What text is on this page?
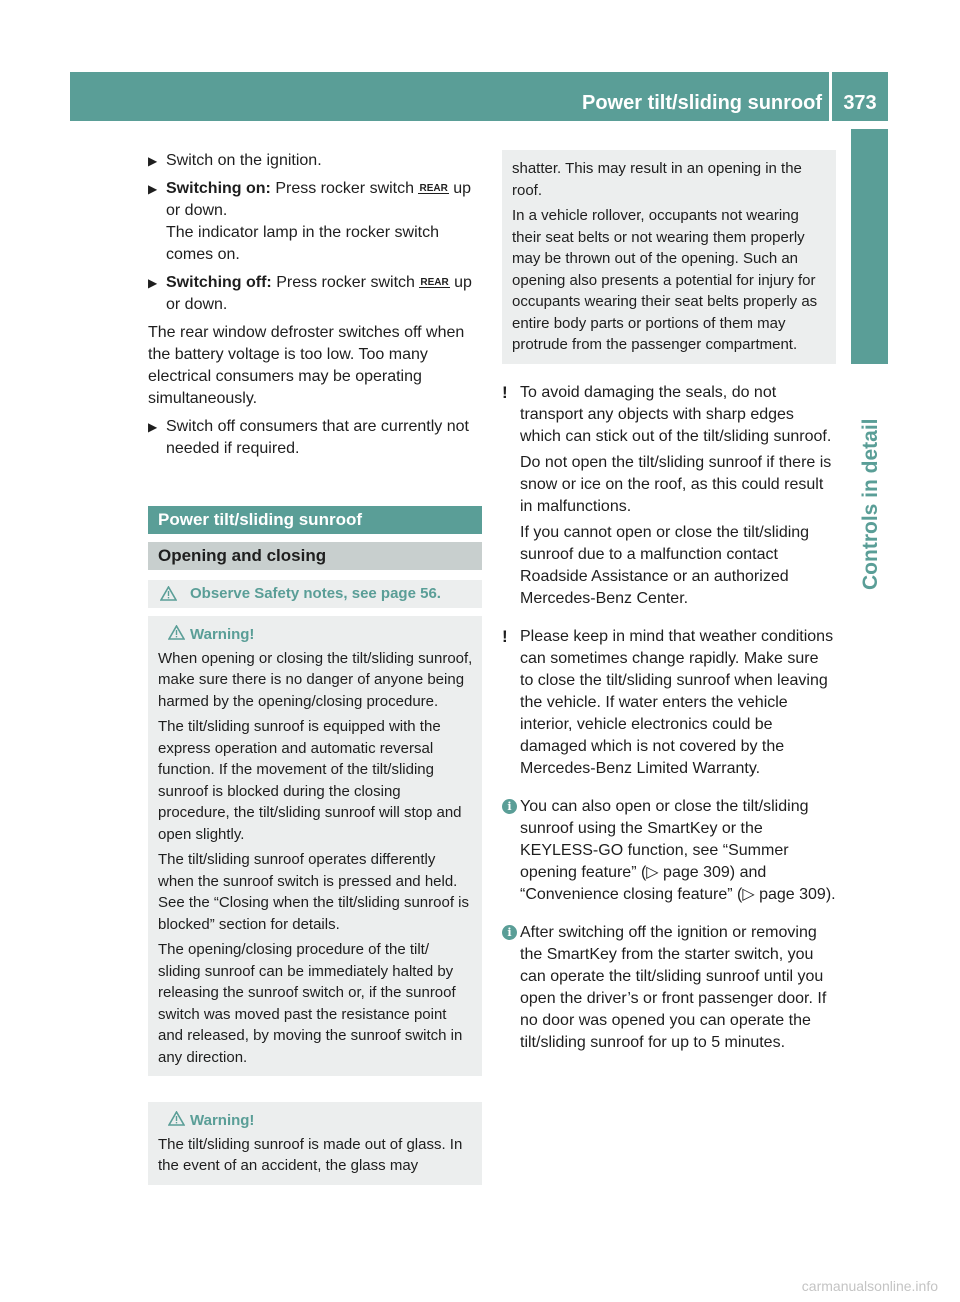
Power tilt/sliding sunroof	373
Controls in detail
▶ Switch on the ignition.
▶ Switching on: Press rocker switch REAR up or down.
The indicator lamp in the rocker switch comes on.
▶ Switching off: Press rocker switch REAR up or down.

The rear window defroster switches off when the battery voltage is too low. Too many electrical consumers may be operating simultaneously.

▶ Switch off consumers that are currently not needed if required.
Power tilt/sliding sunroof
Opening and closing
Observe Safety notes, see page 56.

Warning!

When opening or closing the tilt/sliding sunroof, make sure there is no danger of anyone being harmed by the opening/closing procedure.

The tilt/sliding sunroof is equipped with the express operation and automatic reversal function. If the movement of the tilt/sliding sunroof is blocked during the closing procedure, the tilt/sliding sunroof will stop and open slightly.

The tilt/sliding sunroof operates differently when the sunroof switch is pressed and held. See the “Closing when the tilt/sliding sunroof is blocked” section for details.

The opening/closing procedure of the tilt/ sliding sunroof can be immediately halted by releasing the sunroof switch or, if the sunroof switch was moved past the resistance point and released, by moving the sunroof switch in any direction.

Warning!

The tilt/sliding sunroof is made out of glass. In the event of an accident, the glass may

shatter. This may result in an opening in the roof.

In a vehicle rollover, occupants not wearing their seat belts or not wearing them properly may be thrown out of the opening. Such an opening also presents a potential for injury for occupants wearing their seat belts properly as entire body parts or portions of them may protrude from the passenger compartment.

! To avoid damaging the seals, do not transport any objects with sharp edges which can stick out of the tilt/sliding sunroof.

Do not open the tilt/sliding sunroof if there is snow or ice on the roof, as this could result in malfunctions.

If you cannot open or close the tilt/sliding sunroof due to a malfunction contact Roadside Assistance or an authorized Mercedes-Benz Center.

! Please keep in mind that weather conditions can sometimes change rapidly. Make sure to close the tilt/sliding sunroof when leaving the vehicle. If water enters the vehicle interior, vehicle electronics could be damaged which is not covered by the Mercedes-Benz Limited Warranty.

i You can also open or close the tilt/sliding sunroof using the SmartKey or the KEYLESS-GO function, see “Summer opening feature” (▷ page 309) and “Convenience closing feature” (▷ page 309).

i After switching off the ignition or removing the SmartKey from the starter switch, you can operate the tilt/sliding sunroof until you open the driver’s or front passenger door. If no door was opened you can operate the tilt/sliding sunroof for up to 5 minutes.

carmanualsonline.info
